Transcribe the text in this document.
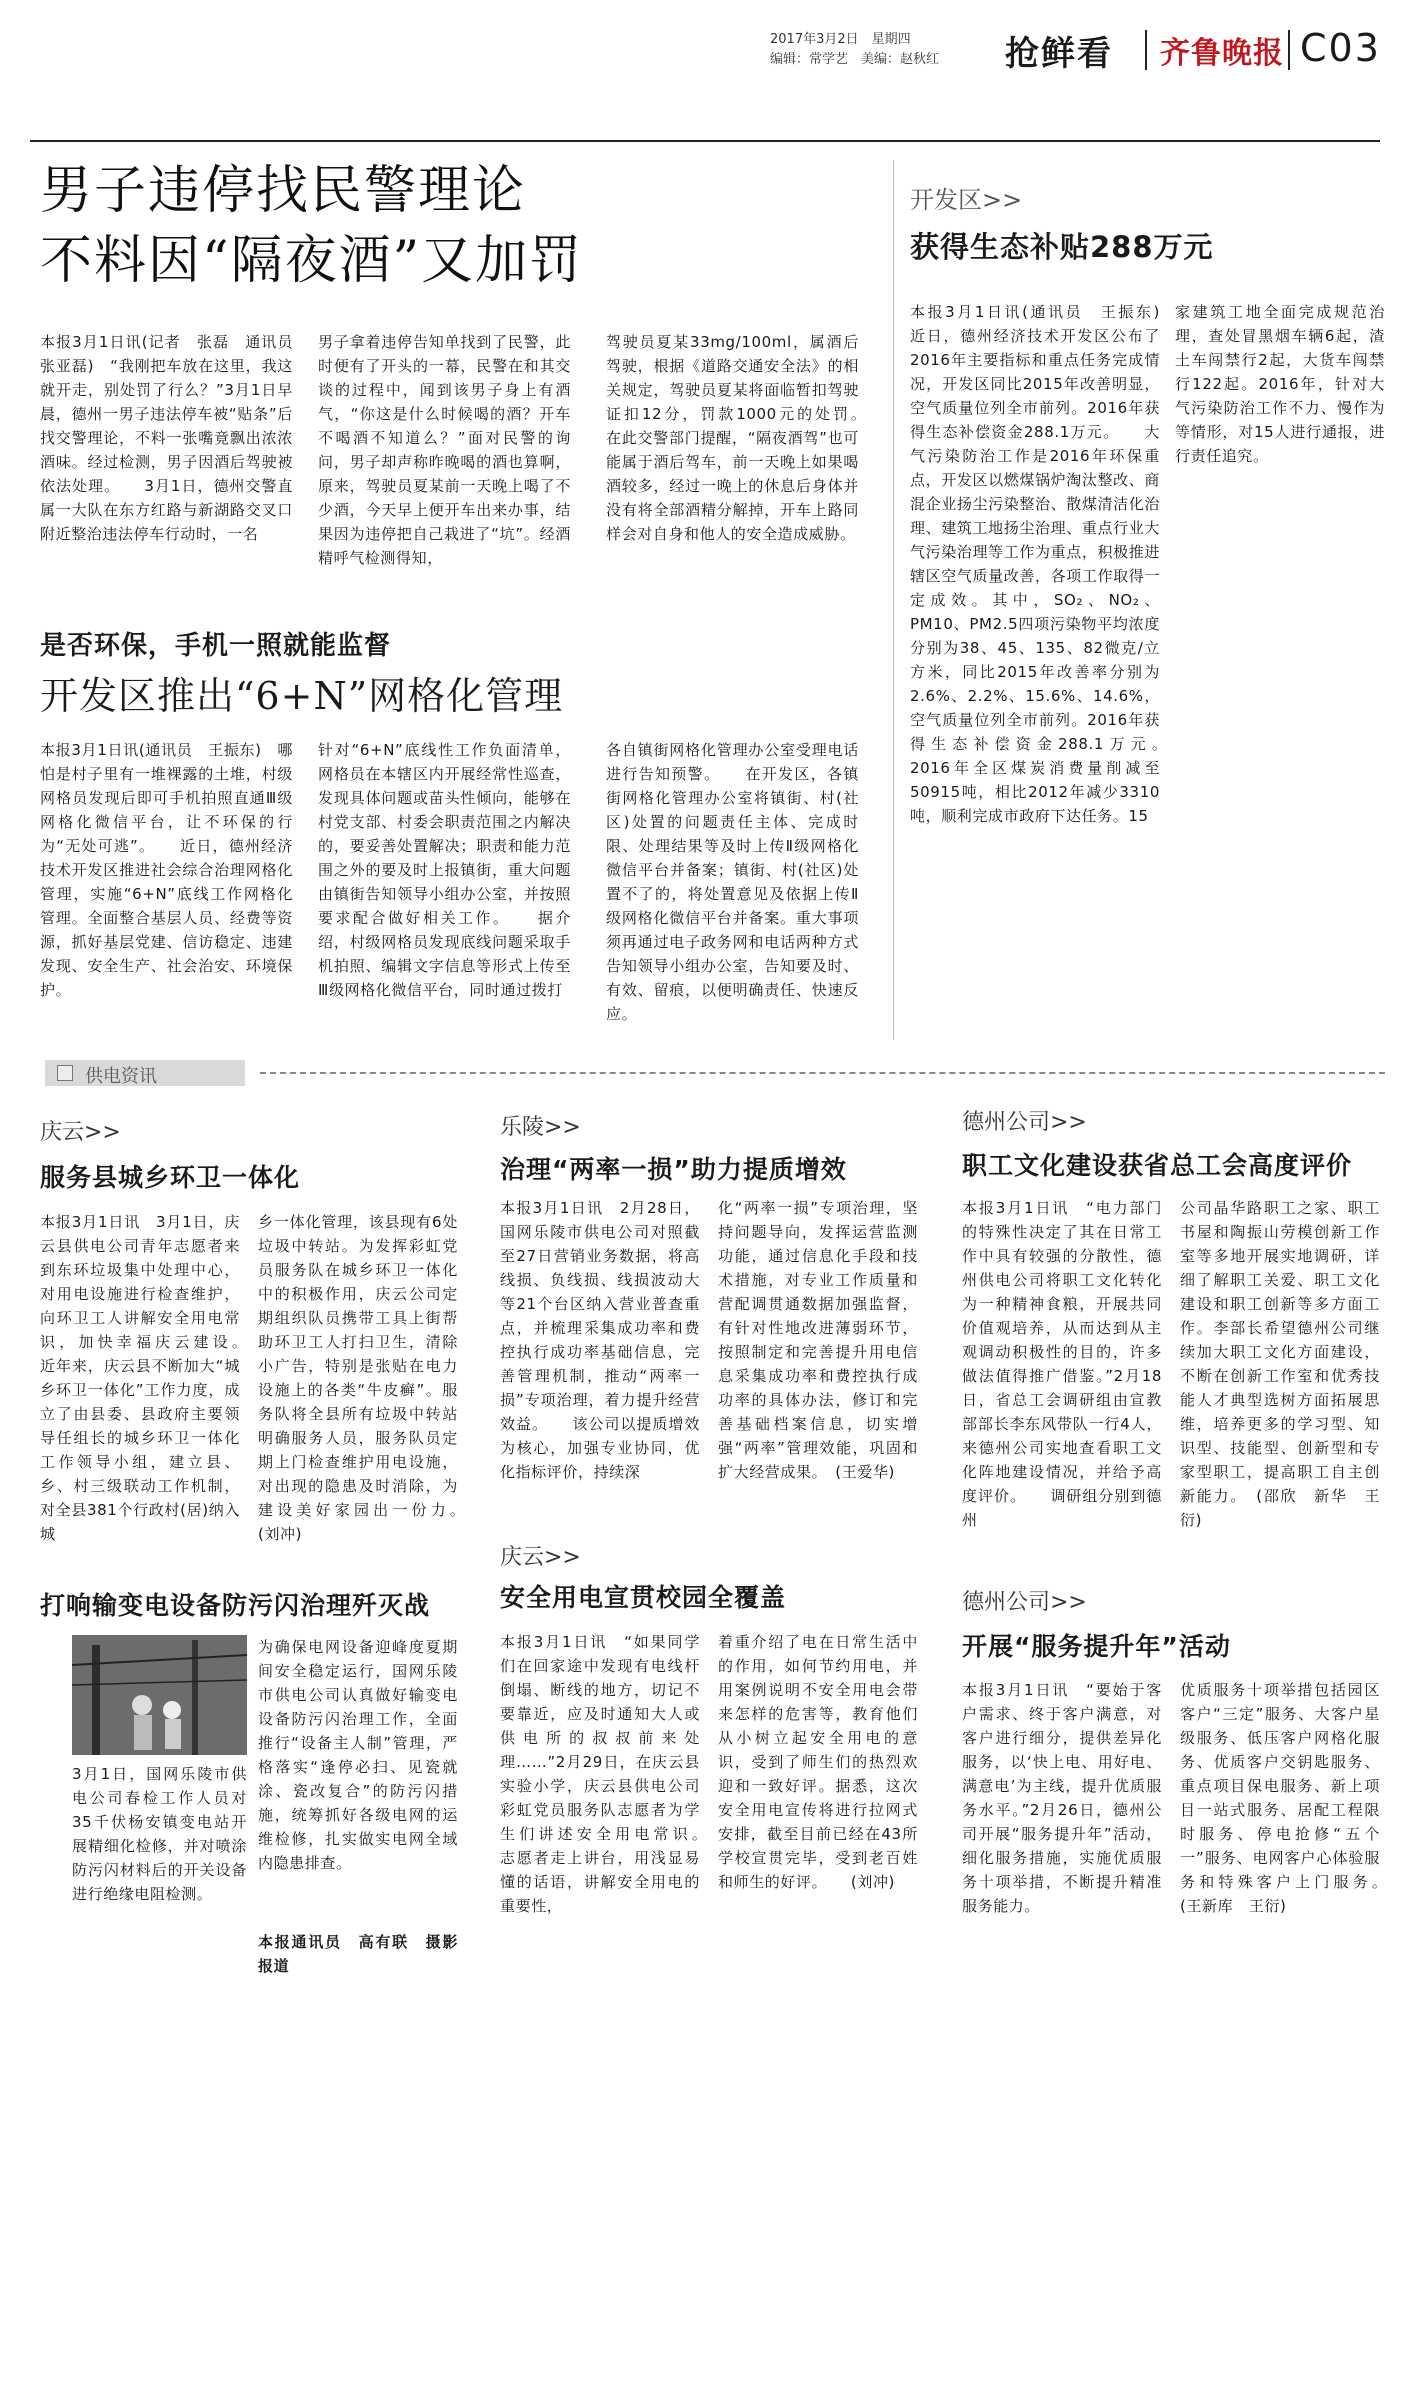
2017年3月2日　星期四
编辑：常学艺　美编：赵秋红	抢鲜看 齐鲁晚报 C03
男子违停找民警理论
不料因“隔夜酒”又加罚
本报3月1日讯(记者　张磊　通讯员　张亚磊)　“我刚把车放在这里，我这就开走，别处罚了行么？”3月1日早晨，德州一男子违法停车被“贴条”后找交警理论，不料一张嘴竟飘出浓浓酒味。经过检测，男子因酒后驾驶被依法处理。　　3月1日，德州交警直属一大队在东方红路与新湖路交叉口附近整治违法停车行动时，一名
男子拿着违停告知单找到了民警，此时便有了开头的一幕，民警在和其交谈的过程中，闻到该男子身上有酒气，“你这是什么时候喝的酒？开车不喝酒不知道么？”面对民警的询问，男子却声称昨晚喝的酒也算啊，原来，驾驶员夏某前一天晚上喝了不少酒，今天早上便开车出来办事，结果因为违停把自己栽进了“坑”。经酒精呼气检测得知，
驾驶员夏某33mg/100ml，属酒后驾驶，根据《道路交通安全法》的相关规定，驾驶员夏某将面临暂扣驾驶证扣12分，罚款1000元的处罚。　　在此交警部门提醒，“隔夜酒驾”也可能属于酒后驾车，前一天晚上如果喝酒较多，经过一晚上的休息后身体并没有将全部酒精分解掉，开车上路同样会对自身和他人的安全造成威胁。
开发区>>
获得生态补贴288万元
本报3月1日讯(通讯员　王振东)　近日，德州经济技术开发区公布了2016年主要指标和重点任务完成情况，开发区同比2015年改善明显，空气质量位列全市前列。2016年获得生态补偿资金288.1万元。　　大气污染防治工作是2016年环保重点，开发区以燃煤锅炉淘汰整改、商混企业扬尘污染整治、散煤清洁化治理、建筑工地扬尘治理、重点行业大气污染治理等工作为重点，积极推进辖区空气质量改善，各项工作取得一定成效。其中，SO₂、NO₂、PM10、PM2.5四项污染物平均浓度分别为38、45、135、82微克/立方米，同比2015年改善率分别为2.6%、2.2%、15.6%、14.6%，空气质量位列全市前列。2016年获得生态补偿资金288.1万元。　　2016年全区煤炭消费量削减至50915吨，相比2012年减少3310吨，顺利完成市政府下达任务。15
家建筑工地全面完成规范治理，查处冒黑烟车辆6起，渣土车闯禁行2起，大货车闯禁行122起。2016年，针对大气污染防治工作不力、慢作为等情形，对15人进行通报，进行责任追究。
是否环保，手机一照就能监督
开发区推出“6+N”网格化管理
本报3月1日讯(通讯员　王振东)　哪怕是村子里有一堆裸露的土堆，村级网格员发现后即可手机拍照直通Ⅲ级网格化微信平台，让不环保的行为“无处可逃”。　　近日，德州经济技术开发区推进社会综合治理网格化管理，实施“6+N”底线工作网格化管理。全面整合基层人员、经费等资源，抓好基层党建、信访稳定、违建发现、安全生产、社会治安、环境保护。
针对“6+N”底线性工作负面清单，网格员在本辖区内开展经常性巡查，发现具体问题或苗头性倾向，能够在村党支部、村委会职责范围之内解决的，要妥善处置解决；职责和能力范围之外的要及时上报镇街，重大问题由镇街告知领导小组办公室，并按照要求配合做好相关工作。　　据介绍，村级网格员发现底线问题采取手机拍照、编辑文字信息等形式上传至Ⅲ级网格化微信平台，同时通过拨打
各自镇街网格化管理办公室受理电话进行告知预警。　　在开发区，各镇街网格化管理办公室将镇街、村(社区)处置的问题责任主体、完成时限、处理结果等及时上传Ⅱ级网格化微信平台并备案；镇街、村(社区)处置不了的，将处置意见及依据上传Ⅱ级网格化微信平台并备案。重大事项须再通过电子政务网和电话两种方式告知领导小组办公室，告知要及时、有效、留痕，以便明确责任、快速反应。
供电资讯
庆云>>
服务县城乡环卫一体化
本报3月1日讯　3月1日，庆云县供电公司青年志愿者来到东环垃圾集中处理中心，对用电设施进行检查维护，向环卫工人讲解安全用电常识，加快幸福庆云建设。　　近年来，庆云县不断加大“城乡环卫一体化”工作力度，成立了由县委、县政府主要领导任组长的城乡环卫一体化工作领导小组，建立县、乡、村三级联动工作机制，对全县381个行政村(居)纳入城
乡一体化管理，该县现有6处垃圾中转站。为发挥彩虹党员服务队在城乡环卫一体化中的积极作用，庆云公司定期组织队员携带工具上街帮助环卫工人打扫卫生，清除小广告，特别是张贴在电力设施上的各类“牛皮癣”。服务队将全县所有垃圾中转站明确服务人员，服务队员定期上门检查维护用电设施，对出现的隐患及时消除，为建设美好家园出一份力。　(刘冲)
乐陵>>
治理“两率一损”助力提质增效
本报3月1日讯　2月28日，国网乐陵市供电公司对照截至27日营销业务数据，将高线损、负线损、线损波动大等21个台区纳入营业普查重点，并梳理采集成功率和费控执行成功率基础信息，完善管理机制，推动“两率一损”专项治理，着力提升经营效益。　　该公司以提质增效为核心，加强专业协同，优化指标评价，持续深
化“两率一损”专项治理，坚持问题导向，发挥运营监测功能，通过信息化手段和技术措施，对专业工作质量和营配调贯通数据加强监督，有针对性地改进薄弱环节，按照制定和完善提升用电信息采集成功率和费控执行成功率的具体办法，修订和完善基础档案信息，切实增强“两率”管理效能，巩固和扩大经营成果。　(王爱华)
德州公司>>
职工文化建设获省总工会高度评价
本报3月1日讯　“电力部门的特殊性决定了其在日常工作中具有较强的分散性，德州供电公司将职工文化转化为一种精神食粮，开展共同价值观培养，从而达到从主观调动积极性的目的，许多做法值得推广借鉴。”2月18日，省总工会调研组由宣教部部长李东风带队一行4人，来德州公司实地查看职工文化阵地建设情况，并给予高度评价。　　调研组分别到德州
公司晶华路职工之家、职工书屋和陶振山劳模创新工作室等多地开展实地调研，详细了解职工关爱、职工文化建设和职工创新等多方面工作。李部长希望德州公司继续加大职工文化方面建设，不断在创新工作室和优秀技能人才典型选树方面拓展思维，培养更多的学习型、知识型、技能型、创新型和专家型职工，提高职工自主创新能力。　(邵欣　新华　王衍)
打响输变电设备防污闪治理歼灭战
3月1日，国网乐陵市供电公司春检工作人员对35千伏杨安镇变电站开展精细化检修，并对喷涂防污闪材料后的开关设备进行绝缘电阻检测。
为确保电网设备迎峰度夏期间安全稳定运行，国网乐陵市供电公司认真做好输变电设备防污闪治理工作，全面推行“设备主人制”管理，严格落实“逢停必扫、见瓷就涂、瓷改复合”的防污闪措施，统筹抓好各级电网的运维检修，扎实做实电网全域内隐患排查。
本报通讯员　高有联　摄影报道
庆云>>
安全用电宣贯校园全覆盖
本报3月1日讯　“如果同学们在回家途中发现有电线杆倒塌、断线的地方，切记不要靠近，应及时通知大人或供电所的叔叔前来处理……”2月29日，在庆云县实验小学，庆云县供电公司彩虹党员服务队志愿者为学生们讲述安全用电常识。　　志愿者走上讲台，用浅显易懂的话语，讲解安全用电的重要性，
着重介绍了电在日常生活中的作用，如何节约用电，并用案例说明不安全用电会带来怎样的危害等，教育他们从小树立起安全用电的意识，受到了师生们的热烈欢迎和一致好评。据悉，这次安全用电宣传将进行拉网式安排，截至目前已经在43所学校宣贯完毕，受到老百姓和师生的好评。　　(刘冲)
德州公司>>
开展“服务提升年”活动
本报3月1日讯　“要始于客户需求、终于客户满意，对客户进行细分，提供差异化服务，以‘快上电、用好电、满意电’为主线，提升优质服务水平。”2月26日，德州公司开展“服务提升年”活动，细化服务措施，实施优质服务十项举措，不断提升精准服务能力。
优质服务十项举措包括园区客户“三定”服务、大客户星级服务、低压客户网格化服务、优质客户交钥匙服务、重点项目保电服务、新上项目一站式服务、居配工程限时服务、停电抢修“五个一”服务、电网客户心体验服务和特殊客户上门服务。　(王新库　王衍)
